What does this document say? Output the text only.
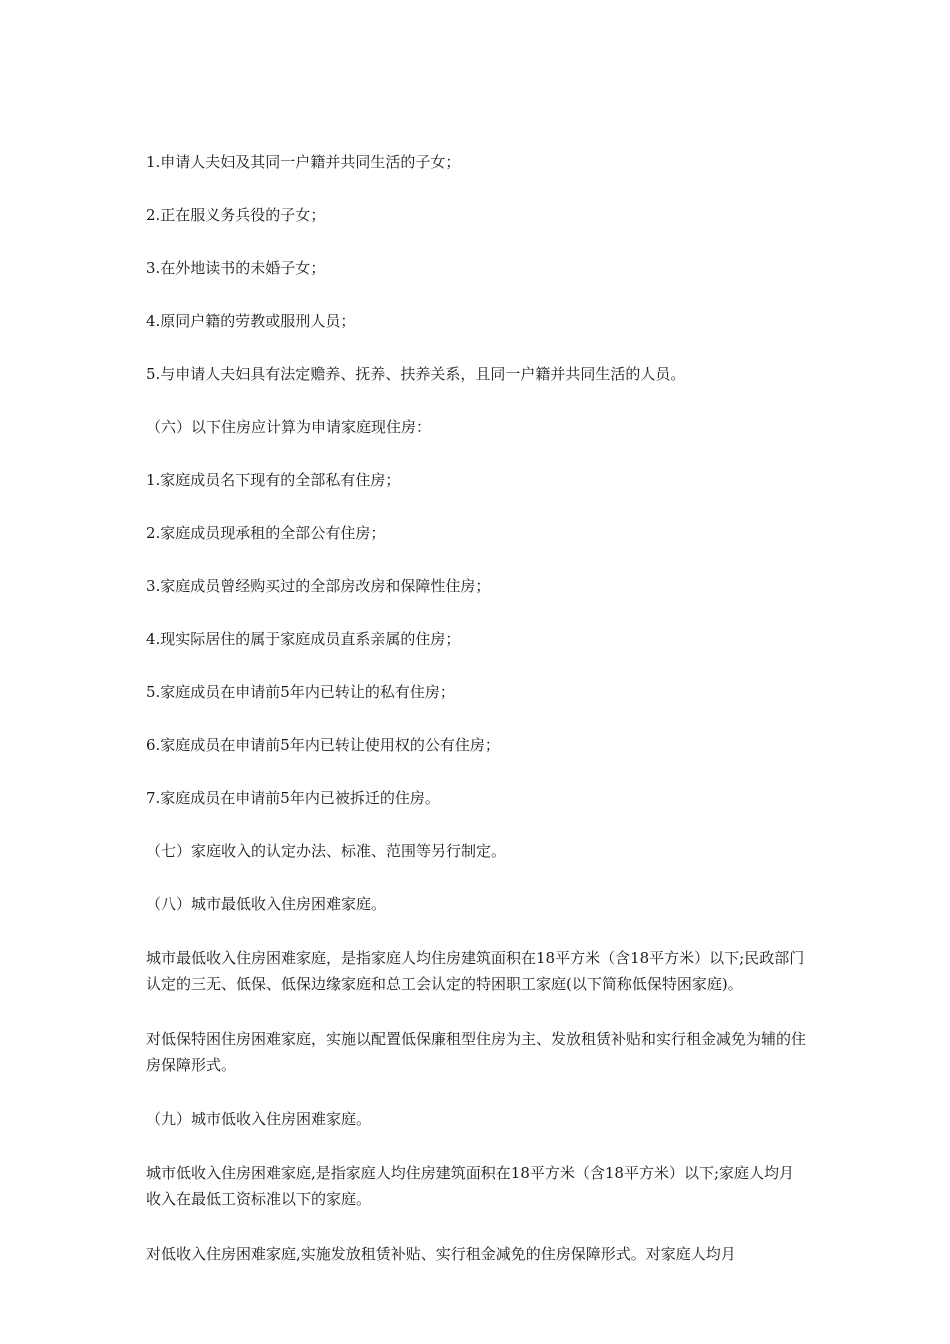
1.申请人夫妇及其同一户籍并共同生活的子女；

2.正在服义务兵役的子女；

3.在外地读书的未婚子女；

4.原同户籍的劳教或服刑人员；

5.与申请人夫妇具有法定赡养、抚养、扶养关系，且同一户籍并共同生活的人员。

（六）以下住房应计算为申请家庭现住房：

1.家庭成员名下现有的全部私有住房；

2.家庭成员现承租的全部公有住房；

3.家庭成员曾经购买过的全部房改房和保障性住房；

4.现实际居住的属于家庭成员直系亲属的住房；

5.家庭成员在申请前5年内已转让的私有住房；

6.家庭成员在申请前5年内已转让使用权的公有住房；

7.家庭成员在申请前5年内已被拆迁的住房。

（七）家庭收入的认定办法、标准、范围等另行制定。

（八）城市最低收入住房困难家庭。

城市最低收入住房困难家庭，是指家庭人均住房建筑面积在18平方米（含18平方米）以下;民政部门认定的三无、低保、低保边缘家庭和总工会认定的特困职工家庭(以下简称低保特困家庭)。

对低保特困住房困难家庭，实施以配置低保廉租型住房为主、发放租赁补贴和实行租金减免为辅的住房保障形式。

（九）城市低收入住房困难家庭。

城市低收入住房困难家庭,是指家庭人均住房建筑面积在18平方米（含18平方米）以下;家庭人均月收入在最低工资标准以下的家庭。

对低收入住房困难家庭,实施发放租赁补贴、实行租金减免的住房保障形式。对家庭人均月
